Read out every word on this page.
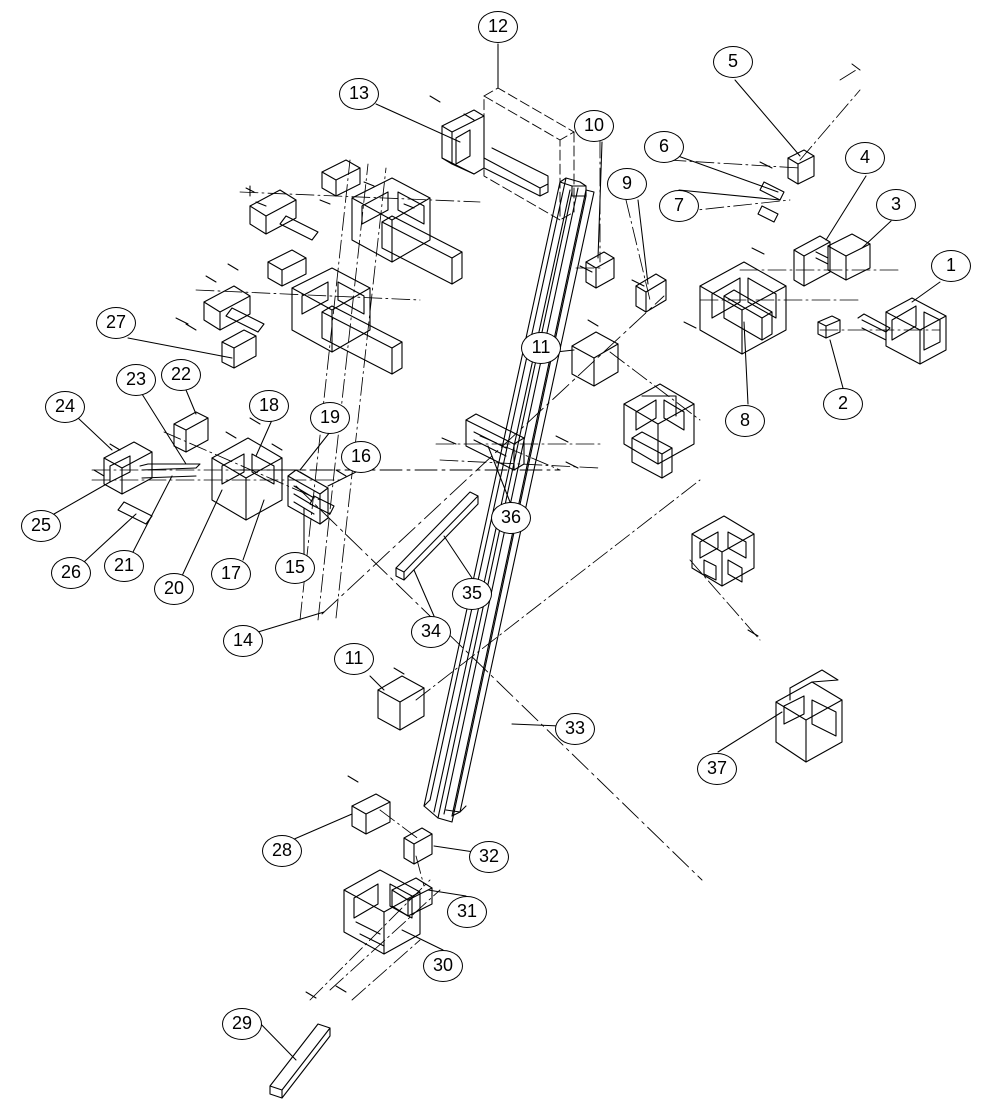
1
2
3
4
5
6
7
8
9
10
11
12
13
14
15
16
17
18
19
20
21
22
23
24
25
26
27
28
29
30
31
32
33
34
35
36
37
11
